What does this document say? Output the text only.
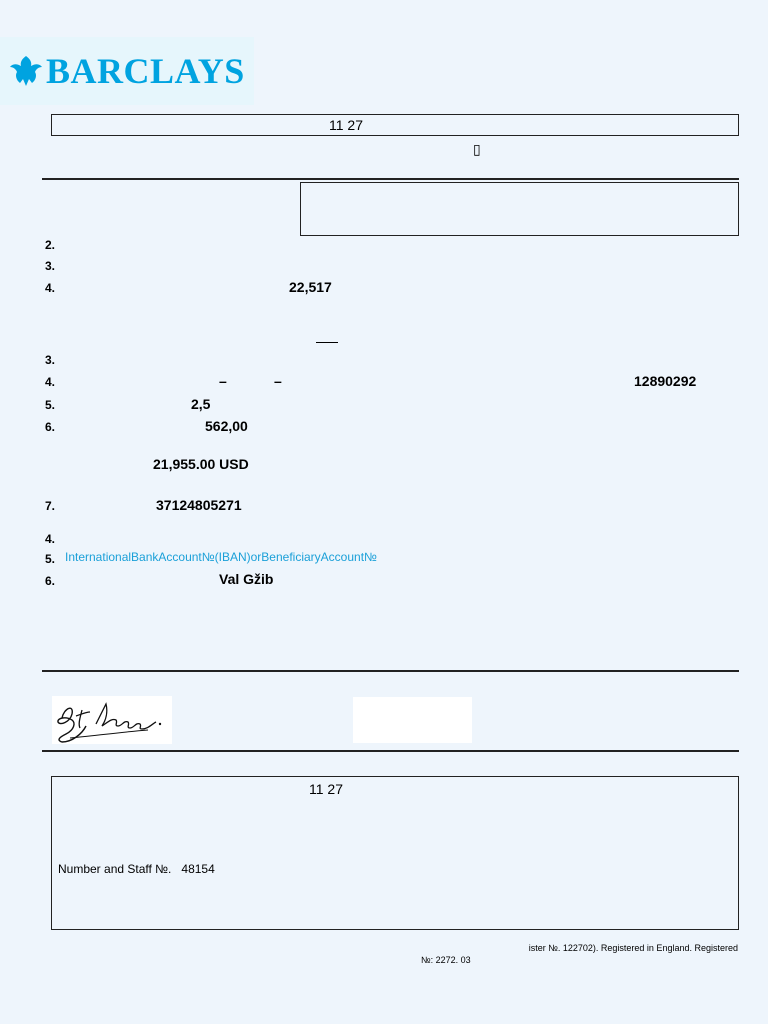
BARCLAYS
11 27
▯
2.
3.
4.	22,517
3.
4.	–	–	12890292
5.	2,5
6.	562,00
21,955.00 USD
7.	37124805271
4.
5. InternationalBankAccount№(IBAN)orBeneficiaryAccount№
6.	Val Gžib
11 27
Number and Staff №. 48154
ister №. 122702). Registered in England. Registered
№: 2272. 03
